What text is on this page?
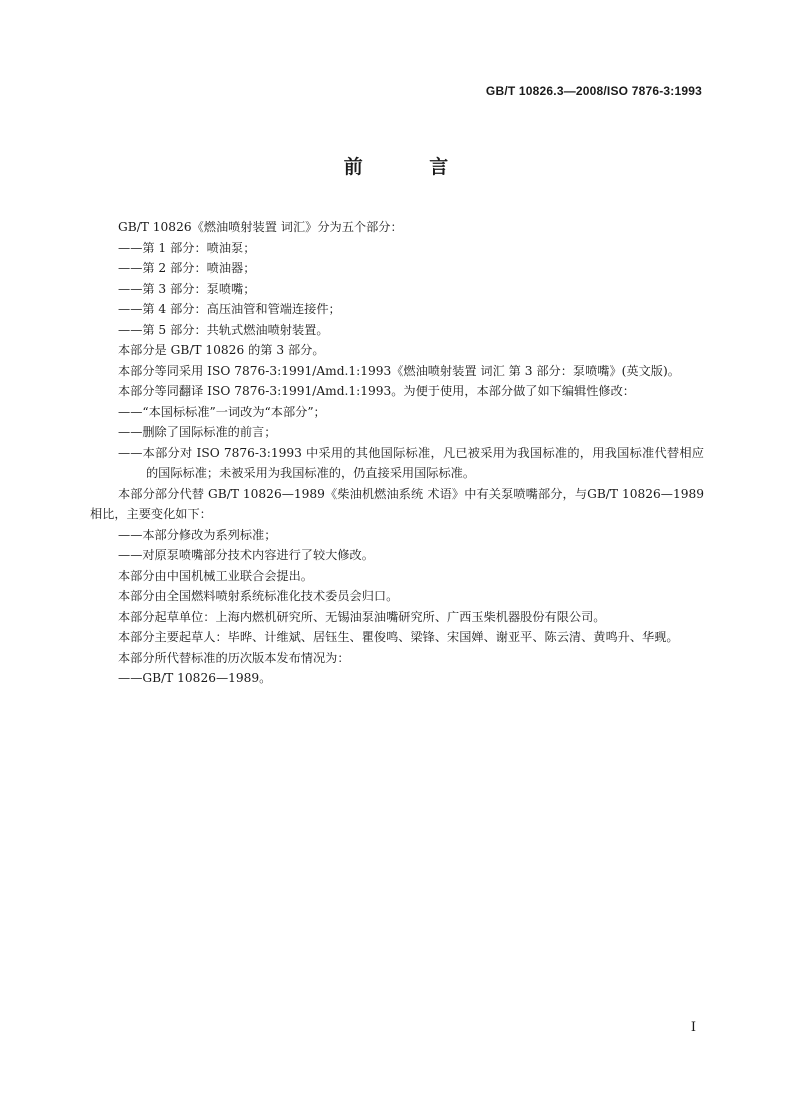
GB/T 10826.3—2008/ISO 7876-3:1993
前 言

GB/T 10826《燃油喷射装置 词汇》分为五个部分：

——第 1 部分：喷油泵；

——第 2 部分：喷油器；

——第 3 部分：泵喷嘴；

——第 4 部分：高压油管和管端连接件；

——第 5 部分：共轨式燃油喷射装置。

本部分是 GB/T 10826 的第 3 部分。

本部分等同采用 ISO 7876-3:1991/Amd.1:1993《燃油喷射装置 词汇 第 3 部分：泵喷嘴》(英文版)。

本部分等同翻译 ISO 7876-3:1991/Amd.1:1993。为便于使用，本部分做了如下编辑性修改：

——“本国标标准”一词改为“本部分”；

——删除了国际标准的前言；

——本部分对 ISO 7876-3:1993 中采用的其他国际标准，凡已被采用为我国标准的，用我国标准代替相应的国际标准；未被采用为我国标准的，仍直接采用国际标准。

本部分部分代替 GB/T 10826—1989《柴油机燃油系统 术语》中有关泵喷嘴部分，与GB/T 10826—1989 相比，主要变化如下：

——本部分修改为系列标准；

——对原泵喷嘴部分技术内容进行了较大修改。

本部分由中国机械工业联合会提出。

本部分由全国燃料喷射系统标准化技术委员会归口。

本部分起草单位：上海内燃机研究所、无锡油泵油嘴研究所、广西玉柴机器股份有限公司。

本部分主要起草人：毕晔、计维斌、居钰生、瞿俊鸣、梁锋、宋国婵、谢亚平、陈云清、黄鸣升、华觋。

本部分所代替标准的历次版本发布情况为：

——GB/T 10826—1989。

I
